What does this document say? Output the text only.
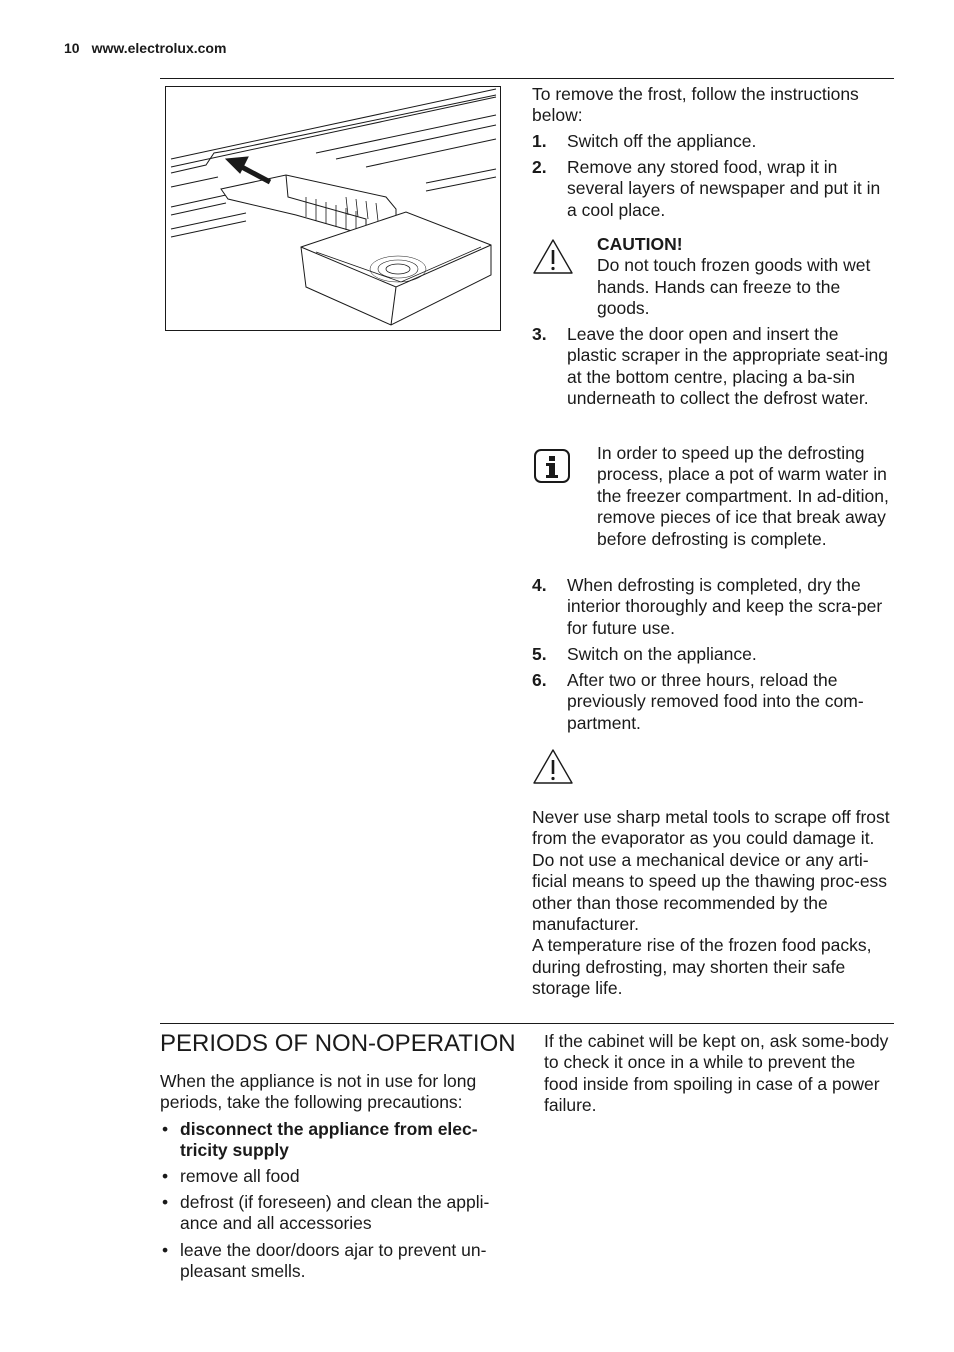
10 www.electrolux.com

To remove the frost, follow the instructions below:

1.	Switch off the appliance.

2.	Remove any stored food, wrap it in several layers of newspaper and put it in a cool place.

CAUTION!

Do not touch frozen goods with wet hands. Hands can freeze to the goods.

3.	Leave the door open and insert the plastic scraper in the appropriate seat-ing at the bottom centre, placing a ba-sin underneath to collect the defrost water.

In order to speed up the defrosting process, place a pot of warm water in the freezer compartment. In ad-dition, remove pieces of ice that break away before defrosting is complete.

4.	When defrosting is completed, dry the interior thoroughly and keep the scra-per for future use.

5.	Switch on the appliance.

6.	After two or three hours, reload the previously removed food into the com-partment.

Never use sharp metal tools to scrape off frost from the evaporator as you could damage it.

Do not use a mechanical device or any arti-ficial means to speed up the thawing proc-ess other than those recommended by the manufacturer.

A temperature rise of the frozen food packs, during defrosting, may shorten their safe storage life.

PERIODS OF NON-OPERATION

When the appliance is not in use for long periods, take the following precautions:

• disconnect the appliance from elec-tricity supply

• remove all food

• defrost (if foreseen) and clean the appli-ance and all accessories

• leave the door/doors ajar to prevent un-pleasant smells.

If the cabinet will be kept on, ask some-body to check it once in a while to prevent the food inside from spoiling in case of a power failure.
